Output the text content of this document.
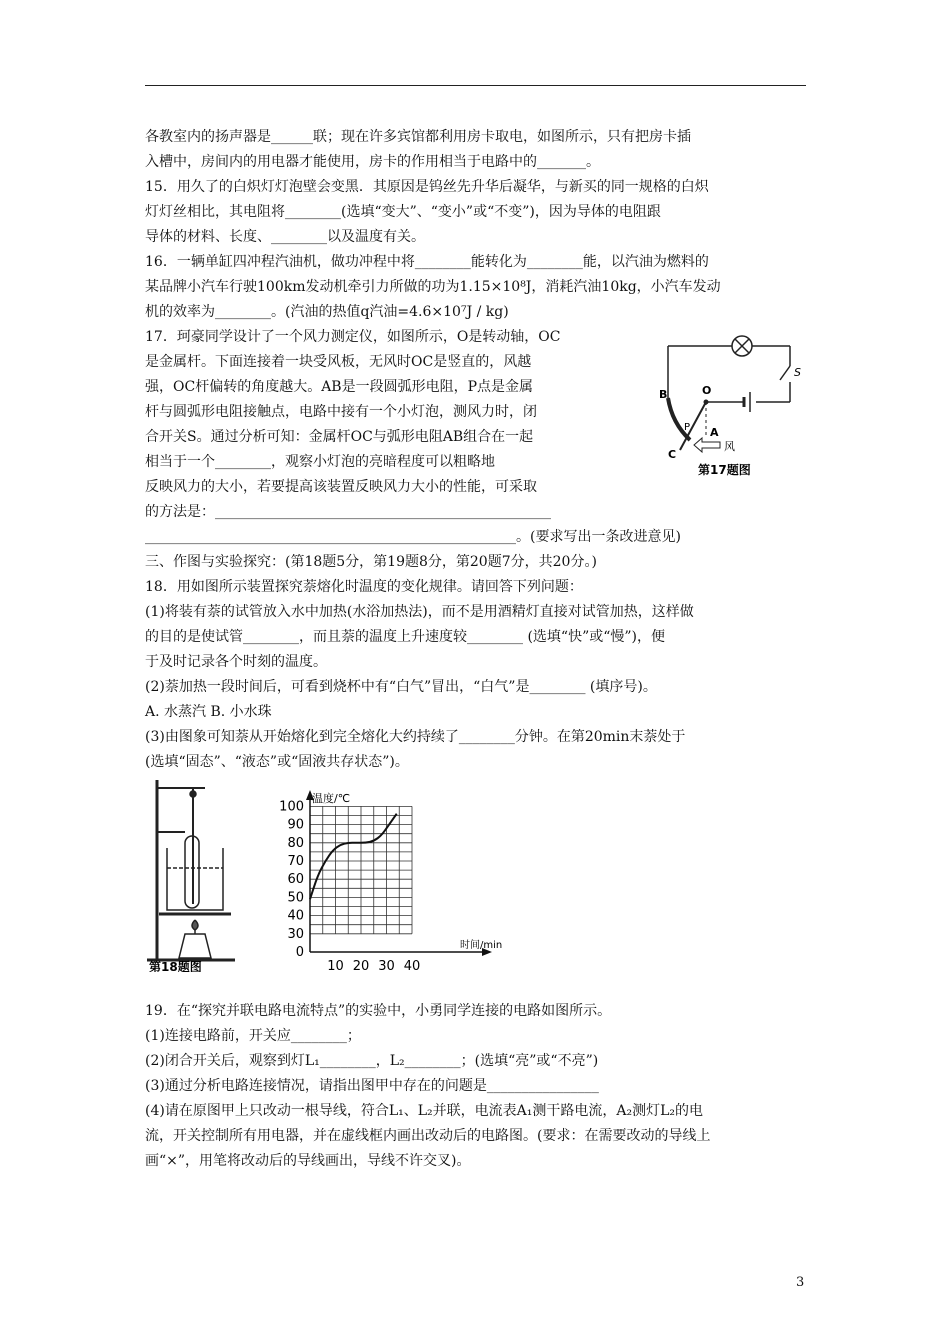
各教室内的扬声器是______联；现在许多宾馆都利用房卡取电，如图所示，只有把房卡插
入槽中，房间内的用电器才能使用，房卡的作用相当于电路中的_______。
15．用久了的白炽灯灯泡壁会变黑．其原因是钨丝先升华后凝华，与新买的同一规格的白炽
灯灯丝相比，其电阻将________(选填“变大”、“变小”或“不变”)，因为导体的电阻跟
导体的材料、长度、________以及温度有关。
16．一辆单缸四冲程汽油机，做功冲程中将________能转化为________能，以汽油为燃料的
某品牌小汽车行驶100km发动机牵引力所做的功为1.15×10⁸J，消耗汽油10kg，小汽车发动
机的效率为________。(汽油的热值q汽油=4.6×10⁷J / kg)
17．珂豪同学设计了一个风力测定仪，如图所示，O是转动轴，OC
是金属杆。下面连接着一块受风板，无风时OC是竖直的，风越
强，OC杆偏转的角度越大。AB是一段圆弧形电阻，P点是金属
杆与圆弧形电阻接触点，电路中接有一个小灯泡，测风力时，闭
合开关S。通过分析可知：金属杆OC与弧形电阻AB组合在一起
相当于一个________，观察小灯泡的亮暗程度可以粗略地
反映风力的大小，若要提高该装置反映风力大小的性能，可采取
的方法是：________________________________________________
_____________________________________________________。(要求写出一条改进意见)
三、作图与实验探究：(第18题5分，第19题8分，第20题7分，共20分。)
18．用如图所示装置探究萘熔化时温度的变化规律。请回答下列问题：
(1)将装有萘的试管放入水中加热(水浴加热法)，而不是用酒精灯直接对试管加热，这样做
的目的是使试管________，而且萘的温度上升速度较________ (选填“快”或“慢”)，便
于及时记录各个时刻的温度。
(2)萘加热一段时间后，可看到烧杯中有“白气”冒出，“白气”是________ (填序号)。
A. 水蒸汽 B. 小水珠
(3)由图象可知萘从开始熔化到完全熔化大约持续了________分钟。在第20min末萘处于
(选填“固态”、“液态”或“固液共存状态”)。
19．在“探究并联电路电流特点”的实验中，小勇同学连接的电路如图所示。
(1)连接电路前，开关应________；
(2)闭合开关后，观察到灯L₁________，L₂________；(选填“亮”或“不亮”)
(3)通过分析电路连接情况，请指出图甲中存在的问题是________________
(4)请在原图甲上只改动一根导线，符合L₁、L₂并联，电流表A₁测干路电流，A₂测灯L₂的电
流，开关控制所有用电器，并在虚线框内画出改动后的电路图。(要求：在需要改动的导线上
画“×”，用笔将改动后的导线画出，导线不许交叉)。
B	O
P A
C
S
风
第17题图
第18题图
0
30
40
50
60
70
80
90
100
10 20 30 40
温度/℃
时间/min
3
